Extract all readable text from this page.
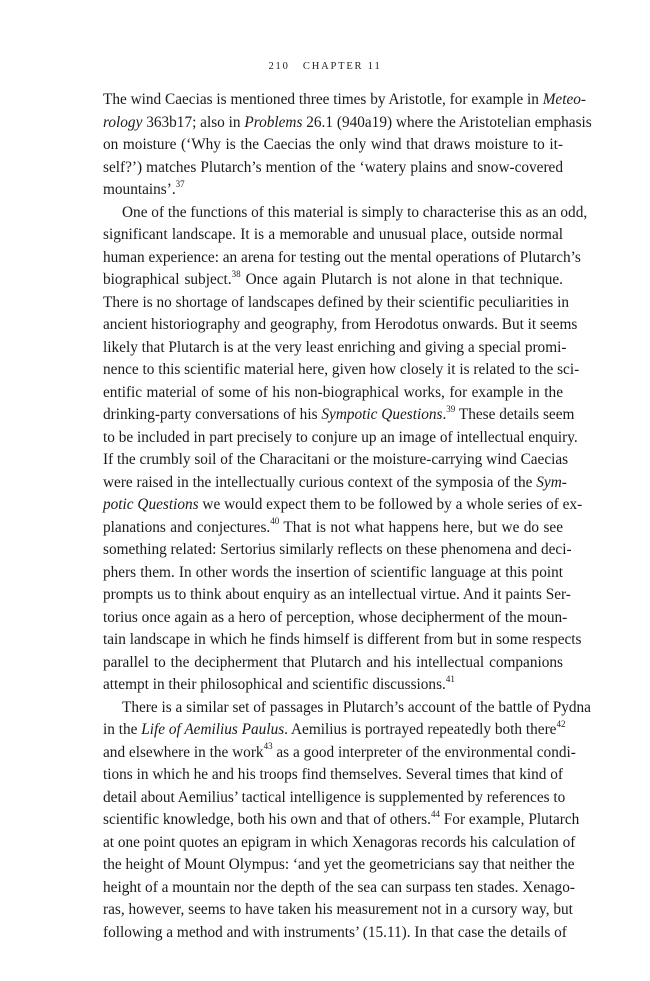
210 CHAPTER 11
The wind Caecias is mentioned three times by Aristotle, for example in Meteo-
rology 363b17; also in Problems 26.1 (940a19) where the Aristotelian emphasis
on moisture (‘Why is the Caecias the only wind that draws moisture to it-
self?’) matches Plutarch’s mention of the ‘watery plains and snow-covered
mountains’.$^{37}$
One of the functions of this material is simply to characterise this as an odd,
significant landscape. It is a memorable and unusual place, outside normal
human experience: an arena for testing out the mental operations of Plutarch’s
biographical subject.$^{38}$ Once again Plutarch is not alone in that technique.
There is no shortage of landscapes defined by their scientific peculiarities in
ancient historiography and geography, from Herodotus onwards. But it seems
likely that Plutarch is at the very least enriching and giving a special promi-
nence to this scientific material here, given how closely it is related to the sci-
entific material of some of his non-biographical works, for example in the
drinking-party conversations of his Sympotic Questions.$^{39}$ These details seem
to be included in part precisely to conjure up an image of intellectual enquiry.
If the crumbly soil of the Characitani or the moisture-carrying wind Caecias
were raised in the intellectually curious context of the symposia of the Sym-
potic Questions we would expect them to be followed by a whole series of ex-
planations and conjectures.$^{40}$ That is not what happens here, but we do see
something related: Sertorius similarly reflects on these phenomena and deci-
phers them. In other words the insertion of scientific language at this point
prompts us to think about enquiry as an intellectual virtue. And it paints Ser-
torius once again as a hero of perception, whose decipherment of the moun-
tain landscape in which he finds himself is different from but in some respects
parallel to the decipherment that Plutarch and his intellectual companions
attempt in their philosophical and scientific discussions.$^{41}$
There is a similar set of passages in Plutarch’s account of the battle of Pydna
in the Life of Aemilius Paulus. Aemilius is portrayed repeatedly both there$^{42}$
and elsewhere in the work$^{43}$ as a good interpreter of the environmental condi-
tions in which he and his troops find themselves. Several times that kind of
detail about Aemilius’ tactical intelligence is supplemented by references to
scientific knowledge, both his own and that of others.$^{44}$ For example, Plutarch
at one point quotes an epigram in which Xenagoras records his calculation of
the height of Mount Olympus: ‘and yet the geometricians say that neither the
height of a mountain nor the depth of the sea can surpass ten stades. Xenago-
ras, however, seems to have taken his measurement not in a cursory way, but
following a method and with instruments’ (15.11). In that case the details of
